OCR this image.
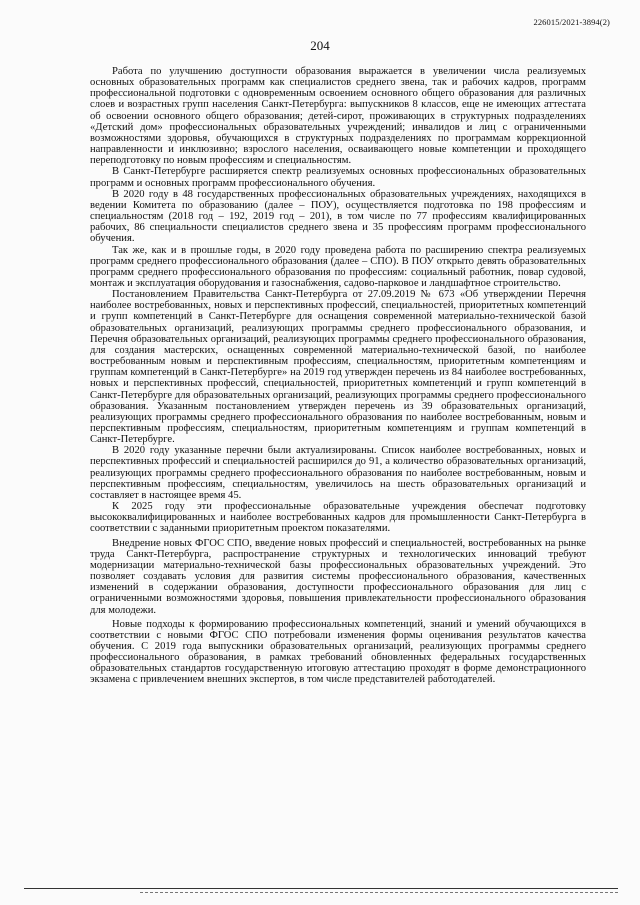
226015/2021-3894(2)
204

Работа по улучшению доступности образования выражается в увеличении числа реализуемых основных образовательных программ как специалистов среднего звена, так и рабочих кадров, программ профессиональной подготовки с одновременным освоением основного общего образования для различных слоев и возрастных групп населения Санкт-Петербурга: выпускников 8 классов, еще не имеющих аттестата об освоении основного общего образования; детей-сирот, проживающих в структурных подразделениях «Детский дом» профессиональных образовательных учреждений; инвалидов и лиц с ограниченными возможностями здоровья, обучающихся в структурных подразделениях по программам коррекционной направленности и инклюзивно; взрослого населения, осваивающего новые компетенции и проходящего переподготовку по новым профессиям и специальностям.

В Санкт-Петербурге расширяется спектр реализуемых основных профессиональных образовательных программ и основных программ профессионального обучения.

В 2020 году в 48 государственных профессиональных образовательных учреждениях, находящихся в ведении Комитета по образованию (далее – ПОУ), осуществляется подготовка по 198 профессиям и специальностям (2018 год – 192, 2019 год – 201), в том числе по 77 профессиям квалифицированных рабочих, 86 специальности специалистов среднего звена и 35 профессиям программ профессионального обучения.

Так же, как и в прошлые годы, в 2020 году проведена работа по расширению спектра реализуемых программ среднего профессионального образования (далее – СПО). В ПОУ открыто девять образовательных программ среднего профессионального образования по профессиям: социальный работник, повар судовой, монтаж и эксплуатация оборудования и газоснабжения, садово-парковое и ландшафтное строительство.

Постановлением Правительства Санкт-Петербурга от 27.09.2019 № 673 «Об утверждении Перечня наиболее востребованных, новых и перспективных профессий, специальностей, приоритетных компетенций и групп компетенций в Санкт-Петербурге для оснащения современной материально-технической базой образовательных организаций, реализующих программы среднего профессионального образования, и Перечня образовательных организаций, реализующих программы среднего профессионального образования, для создания мастерских, оснащенных современной материально-технической базой, по наиболее востребованным новым и перспективным профессиям, специальностям, приоритетным компетенциям и группам компетенций в Санкт-Петербурге» на 2019 год утвержден перечень из 84 наиболее востребованных, новых и перспективных профессий, специальностей, приоритетных компетенций и групп компетенций в Санкт-Петербурге для образовательных организаций, реализующих программы среднего профессионального образования. Указанным постановлением утвержден перечень из 39 образовательных организаций, реализующих программы среднего профессионального образования по наиболее востребованным, новым и перспективным профессиям, специальностям, приоритетным компетенциям и группам компетенций в Санкт-Петербурге.

В 2020 году указанные перечни были актуализированы. Список наиболее востребованных, новых и перспективных профессий и специальностей расширился до 91, а количество образовательных организаций, реализующих программы среднего профессионального образования по наиболее востребованным, новым и перспективным профессиям, специальностям, увеличилось на шесть образовательных организаций и составляет в настоящее время 45.

К 2025 году эти профессиональные образовательные учреждения обеспечат подготовку высококвалифицированных и наиболее востребованных кадров для промышленности Санкт-Петербурга в соответствии с заданными приоритетным проектом показателями.

Внедрение новых ФГОС СПО, введение новых профессий и специальностей, востребованных на рынке труда Санкт-Петербурга, распространение структурных и технологических инноваций требуют модернизации материально-технической базы профессиональных образовательных учреждений. Это позволяет создавать условия для развития системы профессионального образования, качественных изменений в содержании образования, доступности профессионального образования для лиц с ограниченными возможностями здоровья, повышения привлекательности профессионального образования для молодежи.

Новые подходы к формированию профессиональных компетенций, знаний и умений обучающихся в соответствии с новыми ФГОС СПО потребовали изменения формы оценивания результатов качества обучения. С 2019 года выпускники образовательных организаций, реализующих программы среднего профессионального образования, в рамках требований обновленных федеральных государственных образовательных стандартов государственную итоговую аттестацию проходят в форме демонстрационного экзамена с привлечением внешних экспертов, в том числе представителей работодателей.
